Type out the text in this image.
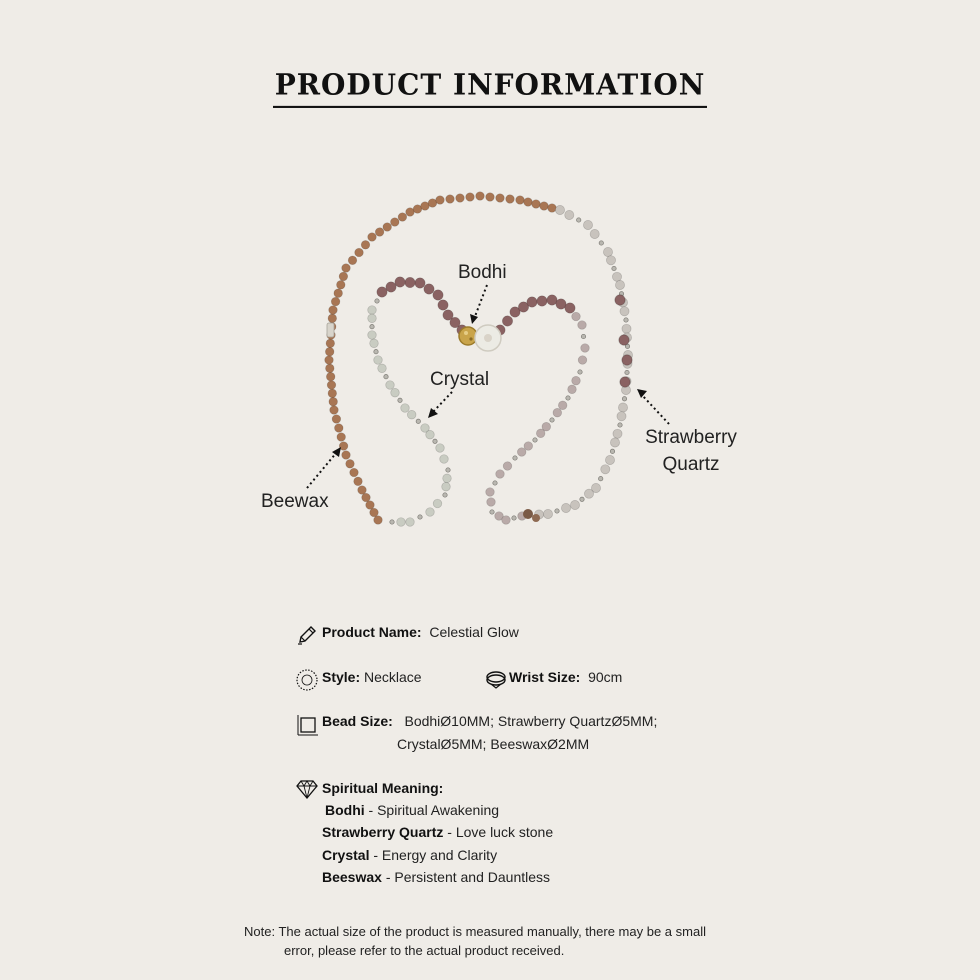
PRODUCT INFORMATION
Bodhi
Crystal
Strawberry
Quartz
Beewax
Product Name: Celestial Glow
Style: Necklace	Wrist Size: 90cm
Bead Size: BodhiØ10MM; Strawberry QuartzØ5MM;
CrystalØ5MM; BeeswaxØ2MM
Spiritual Meaning:
Bodhi - Spiritual Awakening
Strawberry Quartz - Love luck stone
Crystal - Energy and Clarity
Beeswax - Persistent and Dauntless
Note: The actual size of the product is measured manually, there may be a small
error, please refer to the actual product received.
